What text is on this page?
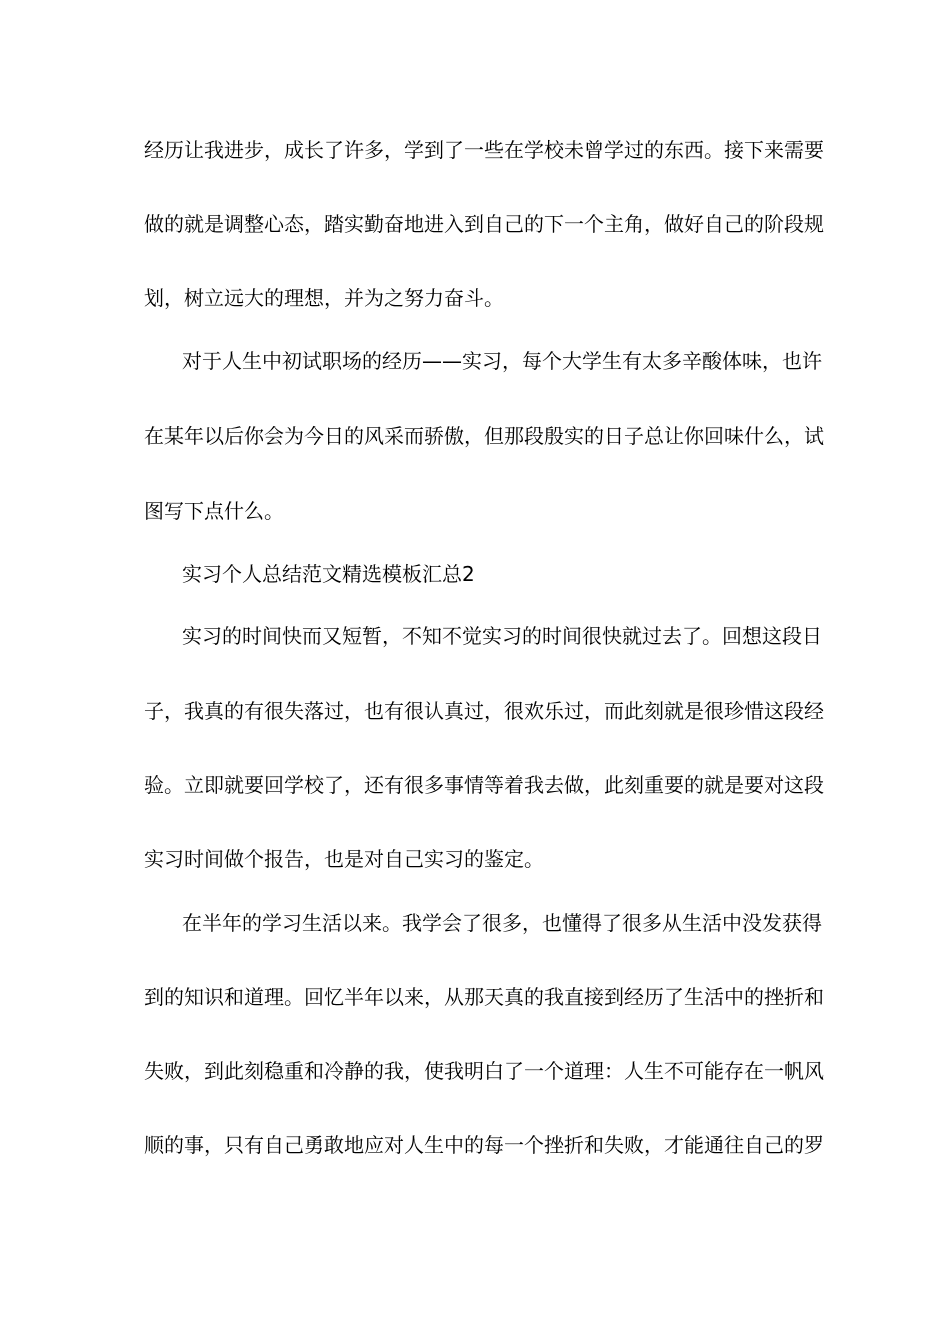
经历让我进步，成长了许多，学到了一些在学校未曾学过的东西。接下来需要
做的就是调整心态，踏实勤奋地进入到自己的下一个主角，做好自己的阶段规
划，树立远大的理想，并为之努力奋斗。
对于人生中初试职场的经历——实习，每个大学生有太多辛酸体味，也许
在某年以后你会为今日的风采而骄傲，但那段殷实的日子总让你回味什么，试
图写下点什么。
实习个人总结范文精选模板汇总2
实习的时间快而又短暂，不知不觉实习的时间很快就过去了。回想这段日
子，我真的有很失落过，也有很认真过，很欢乐过，而此刻就是很珍惜这段经
验。立即就要回学校了，还有很多事情等着我去做，此刻重要的就是要对这段
实习时间做个报告，也是对自己实习的鉴定。
在半年的学习生活以来。我学会了很多，也懂得了很多从生活中没发获得
到的知识和道理。回忆半年以来，从那天真的我直接到经历了生活中的挫折和
失败，到此刻稳重和冷静的我，使我明白了一个道理：人生不可能存在一帆风
顺的事，只有自己勇敢地应对人生中的每一个挫折和失败，才能通往自己的罗
